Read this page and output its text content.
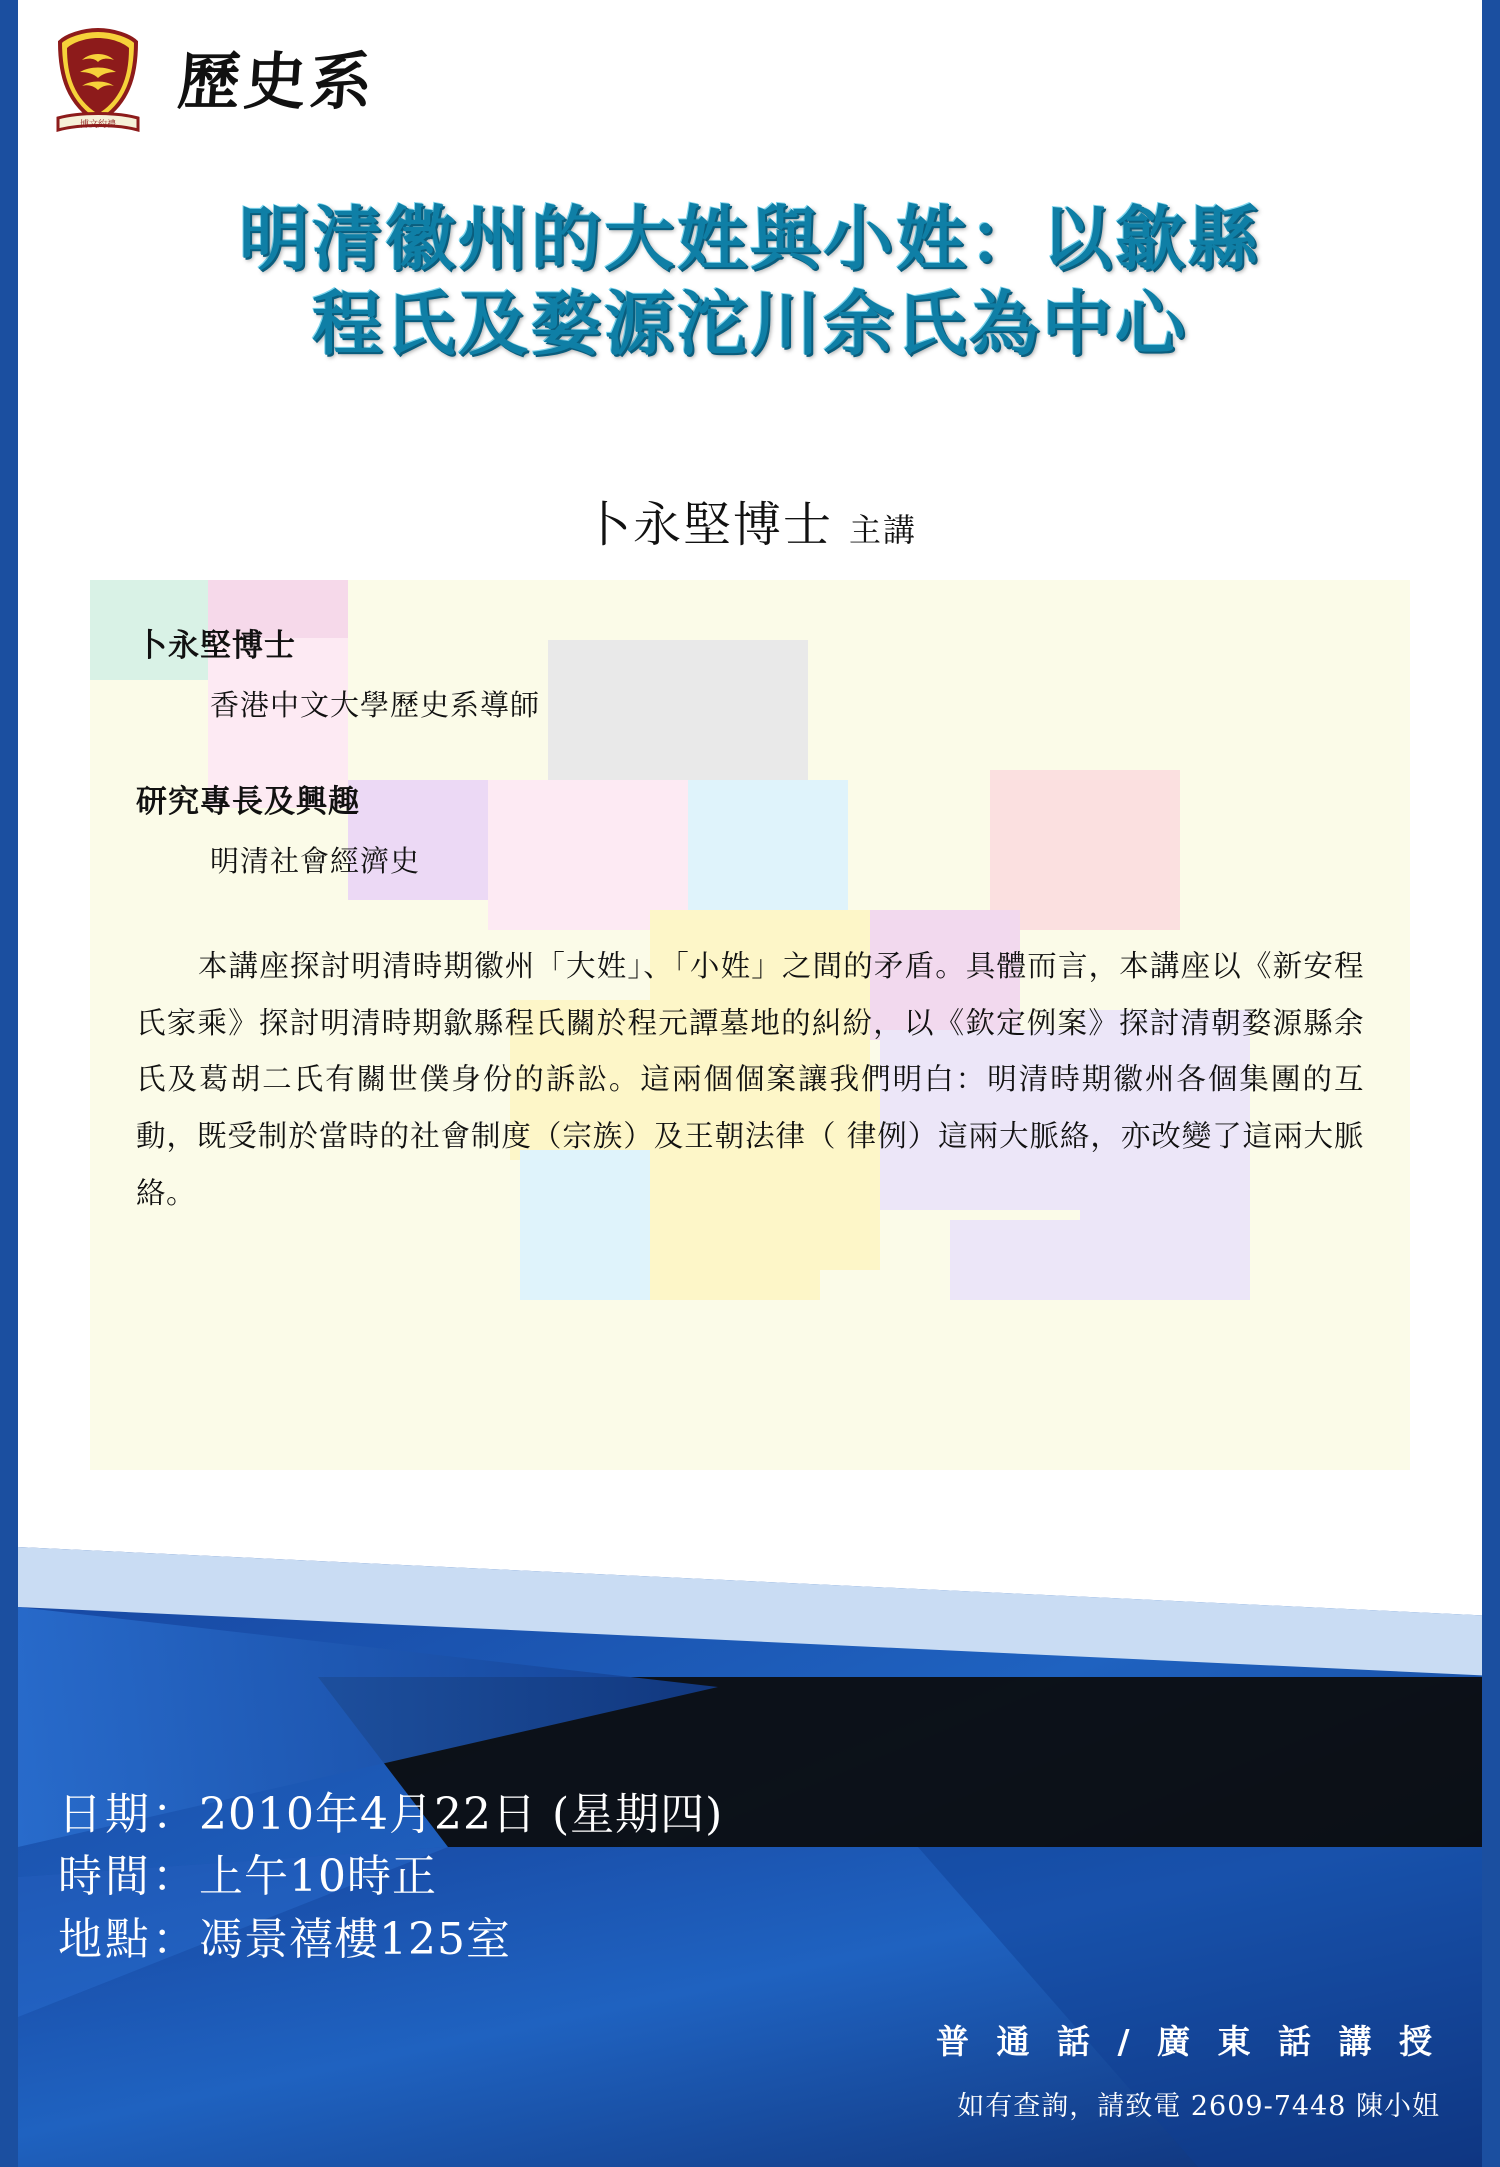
博文約禮
歷史系
明清徽州的大姓與小姓：以歙縣
程氏及婺源沱川余氏為中心
卜永堅博士 主講
卜永堅博士
香港中文大學歷史系導師
研究專長及興趣
明清社會經濟史
本講座探討明清時期徽州「大姓」、「小姓」之間的矛盾。具體而言，本講座以《新安程氏家乘》探討明清時期歙縣程氏關於程元譚墓地的糾紛，以《欽定例案》探討清朝婺源縣余氏及葛胡二氏有關世僕身份的訴訟。這兩個個案讓我們明白：明清時期徽州各個集團的互動，既受制於當時的社會制度（宗族）及王朝法律（ 律例）這兩大脈絡，亦改變了這兩大脈絡。
日期：2010年4月22日 (星期四)
時間：上午10時正
地點：馮景禧樓125室
普 通 話 / 廣 東 話 講 授
如有查詢，請致電 2609-7448 陳小姐
